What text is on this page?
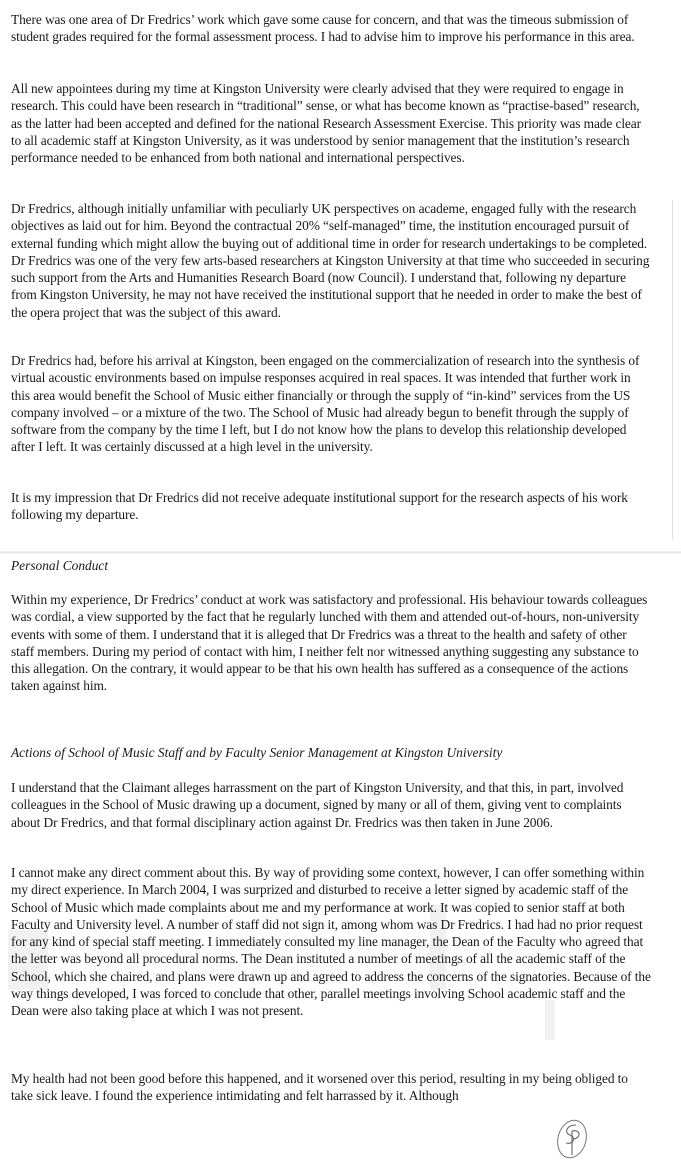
There was one area of Dr Fredrics’ work which gave some cause for concern, and that was the timeous submission of student grades required for the formal assessment process. I had to advise him to improve his performance in this area.

All new appointees during my time at Kingston University were clearly advised that they were required to engage in research. This could have been research in “traditional” sense, or what has become known as “practise-based” research, as the latter had been accepted and defined for the national Research Assessment Exercise. This priority was made clear to all academic staff at Kingston University, as it was understood by senior management that the institution’s research performance needed to be enhanced from both national and international perspectives.

Dr Fredrics, although initially unfamiliar with peculiarly UK perspectives on academe, engaged fully with the research objectives as laid out for him. Beyond the contractual 20% “self-managed” time, the institution encouraged pursuit of external funding which might allow the buying out of additional time in order for research undertakings to be completed. Dr Fredrics was one of the very few arts-based researchers at Kingston University at that time who succeeded in securing such support from the Arts and Humanities Research Board (now Council). I understand that, following ny departure from Kingston University, he may not have received the institutional support that he needed in order to make the best of the opera project that was the subject of this award.

Dr Fredrics had, before his arrival at Kingston, been engaged on the commercialization of research into the synthesis of virtual acoustic environments based on impulse responses acquired in real spaces. It was intended that further work in this area would benefit the School of Music either financially or through the supply of “in-kind” services from the US company involved – or a mixture of the two. The School of Music had already begun to benefit through the supply of software from the company by the time I left, but I do not know how the plans to develop this relationship developed after I left. It was certainly discussed at a high level in the university.

It is my impression that Dr Fredrics did not receive adequate institutional support for the research aspects of his work following my departure.

Personal Conduct

Within my experience, Dr Fredrics’ conduct at work was satisfactory and professional. His behaviour towards colleagues was cordial, a view supported by the fact that he regularly lunched with them and attended out-of-hours, non-university events with some of them. I understand that it is alleged that Dr Fredrics was a threat to the health and safety of other staff members. During my period of contact with him, I neither felt nor witnessed anything suggesting any substance to this allegation. On the contrary, it would appear to be that his own health has suffered as a consequence of the actions taken against him.

Actions of School of Music Staff and by Faculty Senior Management at Kingston University

I understand that the Claimant alleges harrassment on the part of Kingston University, and that this, in part, involved colleagues in the School of Music drawing up a document, signed by many or all of them, giving vent to complaints about Dr Fredrics, and that formal disciplinary action against Dr. Fredrics was then taken in June 2006.

I cannot make any direct comment about this. By way of providing some context, however, I can offer something within my direct experience. In March 2004, I was surprized and disturbed to receive a letter signed by academic staff of the School of Music which made complaints about me and my performance at work. It was copied to senior staff at both Faculty and University level. A number of staff did not sign it, among whom was Dr Fredrics. I had had no prior request for any kind of special staff meeting. I immediately consulted my line manager, the Dean of the Faculty who agreed that the letter was beyond all procedural norms. The Dean instituted a number of meetings of all the academic staff of the School, which she chaired, and plans were drawn up and agreed to address the concerns of the signatories. Because of the way things developed, I was forced to conclude that other, parallel meetings involving School academic staff and the Dean were also taking place at which I was not present.

My health had not been good before this happened, and it worsened over this period, resulting in my being obliged to take sick leave. I found the experience intimidating and felt harrassed by it. Although
